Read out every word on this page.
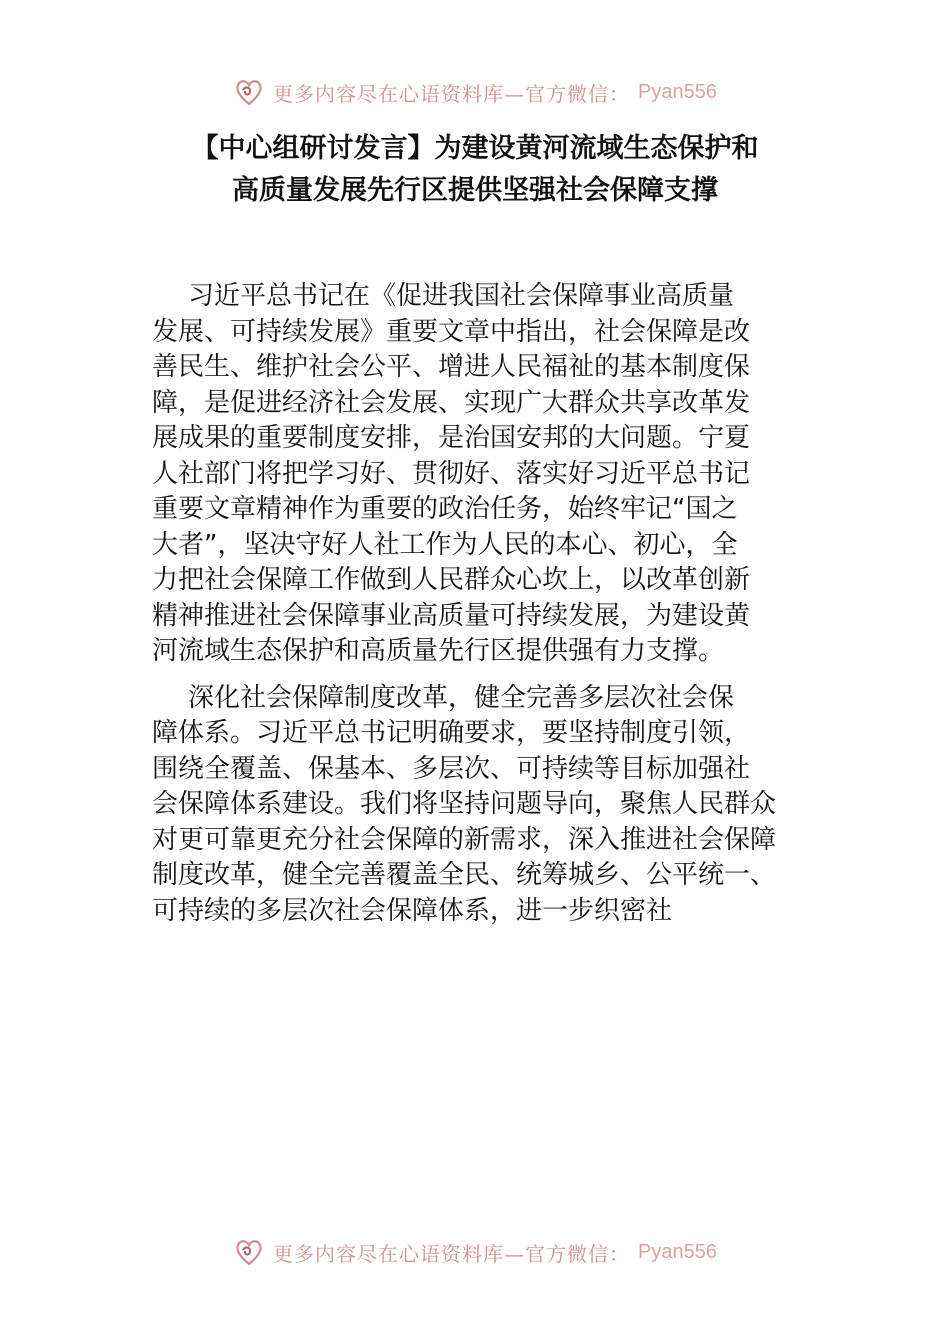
更多内容尽在心语资料库—官方微信： Pyan556
【中心组研讨发言】为建设黄河流域生态保护和
高质量发展先行区提供坚强社会保障支撑
习近平总书记在《促进我国社会保障事业高质量
发展、可持续发展》重要文章中指出，社会保障是改
善民生、维护社会公平、增进人民福祉的基本制度保
障，是促进经济社会发展、实现广大群众共享改革发
展成果的重要制度安排，是治国安邦的大问题。宁夏
人社部门将把学习好、贯彻好、落实好习近平总书记
重要文章精神作为重要的政治任务，始终牢记“国之
大者”，坚决守好人社工作为人民的本心、初心，全
力把社会保障工作做到人民群众心坎上，以改革创新
精神推进社会保障事业高质量可持续发展，为建设黄
河流域生态保护和高质量先行区提供强有力支撑。
深化社会保障制度改革，健全完善多层次社会保
障体系。习近平总书记明确要求，要坚持制度引领，
围绕全覆盖、保基本、多层次、可持续等目标加强社
会保障体系建设。我们将坚持问题导向，聚焦人民群众
对更可靠更充分社会保障的新需求，深入推进社会保障
制度改革，健全完善覆盖全民、统筹城乡、公平统一、
可持续的多层次社会保障体系，进一步织密社
更多内容尽在心语资料库—官方微信： Pyan556
